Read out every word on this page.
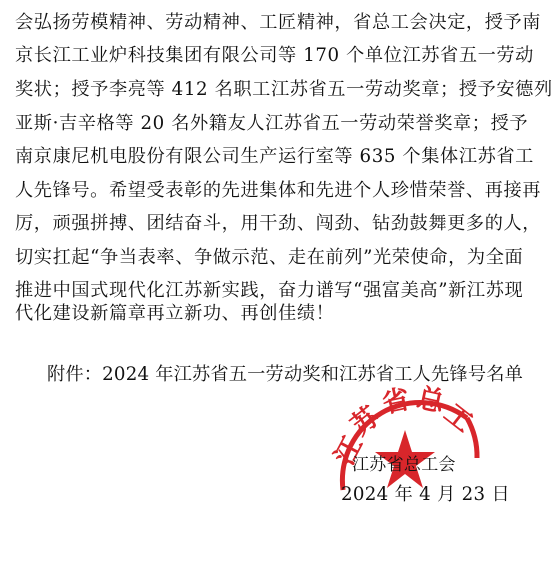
会弘扬劳模精神、劳动精神、工匠精神，省总工会决定，授予南
京长江工业炉科技集团有限公司等 170 个单位江苏省五一劳动
奖状；授予李亮等 412 名职工江苏省五一劳动奖章；授予安德列
亚斯·吉辛格等 20 名外籍友人江苏省五一劳动荣誉奖章；授予
南京康尼机电股份有限公司生产运行室等 635 个集体江苏省工
人先锋号。希望受表彰的先进集体和先进个人珍惜荣誉、再接再
厉，顽强拼搏、团结奋斗，用干劲、闯劲、钻劲鼓舞更多的人，
切实扛起“争当表率、争做示范、走在前列”光荣使命，为全面
推进中国式现代化江苏新实践，奋力谱写“强富美高”新江苏现
代化建设新篇章再立新功、再创佳绩！
附件：2024 年江苏省五一劳动奖和江苏省工人先锋号名单
江
苏
省 总
工
江苏省总工会
2024 年 4 月 23 日
